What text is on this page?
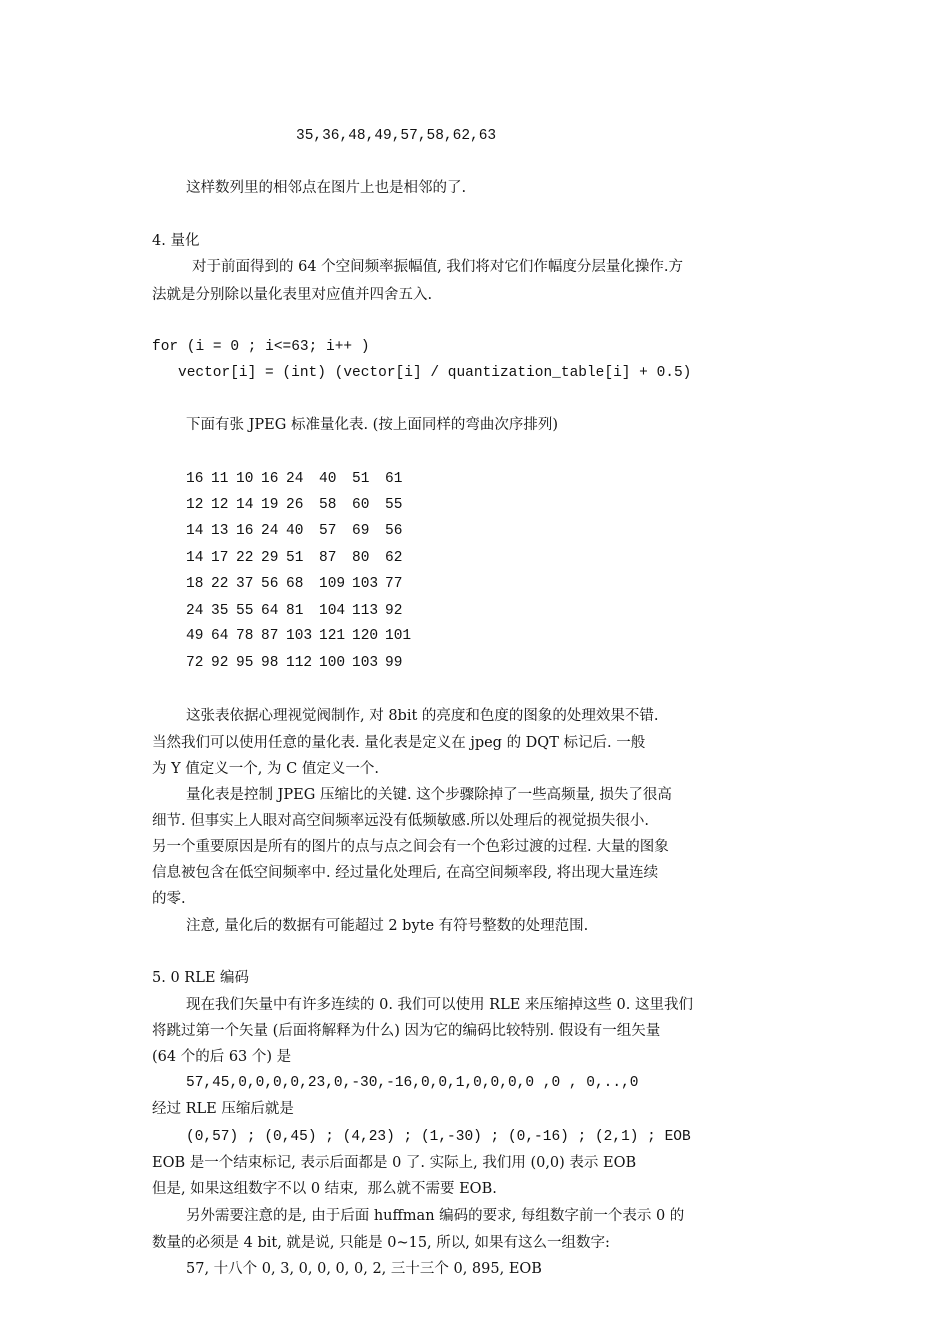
35,36,48,49,57,58,62,63
这样数列里的相邻点在图片上也是相邻的了.
4. 量化
对于前面得到的 64 个空间频率振幅值, 我们将对它们作幅度分层量化操作.方
法就是分别除以量化表里对应值并四舍五入.
for (i = 0 ; i<=63; i++ )
vector[i] = (int) (vector[i] / quantization_table[i] + 0.5)
下面有张 JPEG 标准量化表. (按上面同样的弯曲次序排列)
16 11 10 16 24 40 51 61
12 12 14 19 26 58 60 55
14 13 16 24 40 57 69 56
14 17 22 29 51 87 80 62
18 22 37 56 68 109 103 77
24 35 55 64 81 104 113 92
49 64 78 87 103 121 120 101
72 92 95 98 112 100 103 99
这张表依据心理视觉阀制作, 对 8bit 的亮度和色度的图象的处理效果不错.
当然我们可以使用任意的量化表. 量化表是定义在 jpeg 的 DQT 标记后. 一般
为 Y 值定义一个, 为 C 值定义一个.
量化表是控制 JPEG 压缩比的关键. 这个步骤除掉了一些高频量, 损失了很高
细节. 但事实上人眼对高空间频率远没有低频敏感.所以处理后的视觉损失很小.
另一个重要原因是所有的图片的点与点之间会有一个色彩过渡的过程. 大量的图象
信息被包含在低空间频率中. 经过量化处理后, 在高空间频率段, 将出现大量连续
的零.
注意, 量化后的数据有可能超过 2 byte 有符号整数的处理范围.
5. 0 RLE 编码
现在我们矢量中有许多连续的 0. 我们可以使用 RLE 来压缩掉这些 0. 这里我们
将跳过第一个矢量 (后面将解释为什么) 因为它的编码比较特别. 假设有一组矢量
(64 个的后 63 个) 是
57,45,0,0,0,0,23,0,-30,-16,0,0,1,0,0,0,0 ,0 , 0,..,0
经过 RLE 压缩后就是
(0,57) ; (0,45) ; (4,23) ; (1,-30) ; (0,-16) ; (2,1) ; EOB
EOB 是一个结束标记, 表示后面都是 0 了. 实际上, 我们用 (0,0) 表示 EOB
但是, 如果这组数字不以 0 结束,  那么就不需要 EOB.
另外需要注意的是, 由于后面 huffman 编码的要求, 每组数字前一个表示 0 的
数量的必须是 4 bit, 就是说, 只能是 0~15, 所以, 如果有这么一组数字:
57, 十八个 0, 3, 0, 0, 0, 0, 2, 三十三个 0, 895, EOB
